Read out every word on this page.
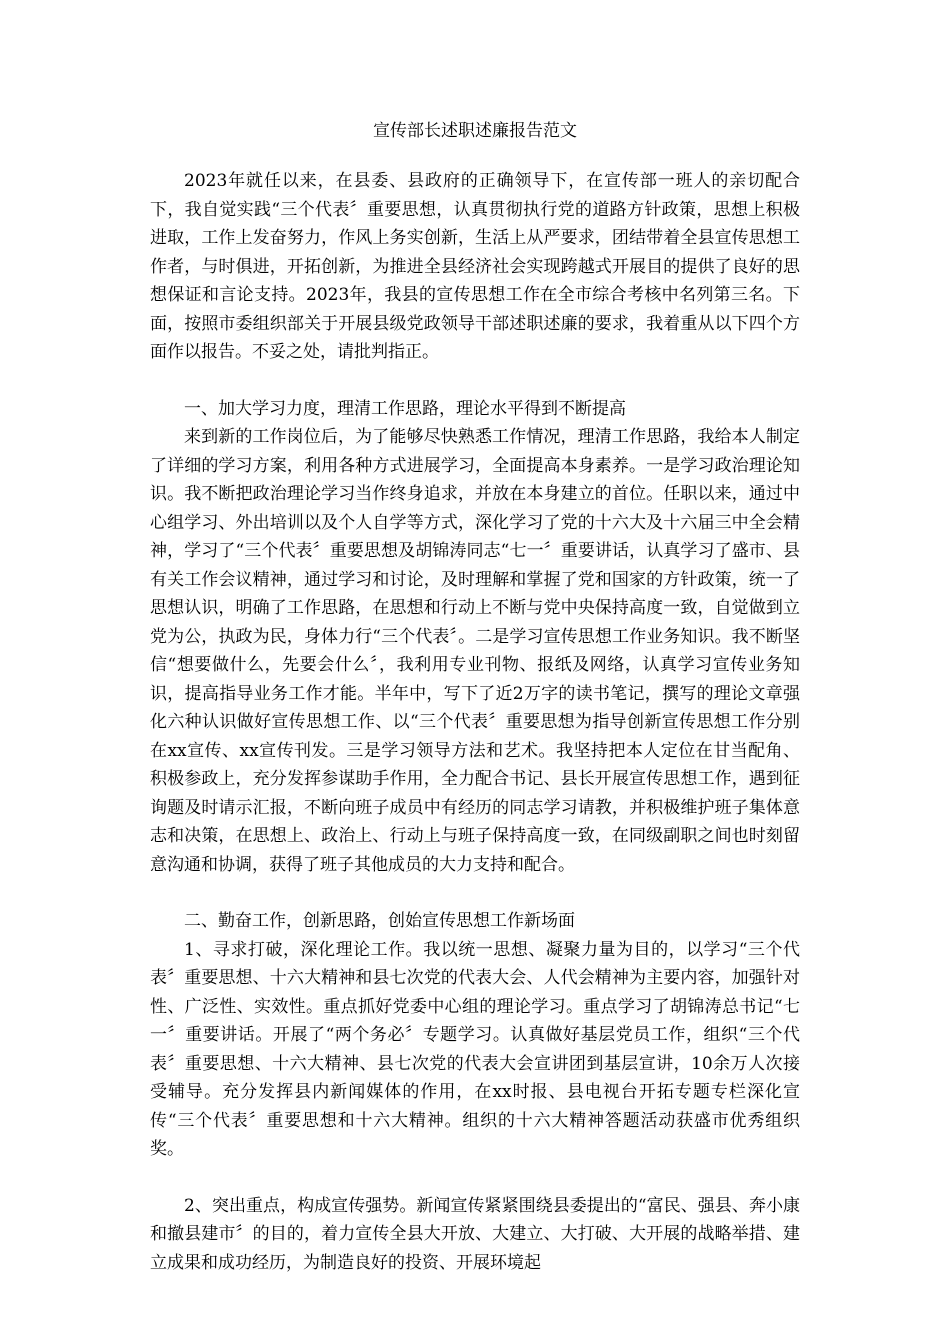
宣传部长述职述廉报告范文

2023年就任以来，在县委、县政府的正确领导下，在宣传部一班人的亲切配合下，我自觉实践“三个代表〞重要思想，认真贯彻执行党的道路方针政策，思想上积极进取，工作上发奋努力，作风上务实创新，生活上从严要求，团结带着全县宣传思想工作者，与时俱进，开拓创新，为推进全县经济社会实现跨越式开展目的提供了良好的思想保证和言论支持。2023年，我县的宣传思想工作在全市综合考核中名列第三名。下面，按照市委组织部关于开展县级党政领导干部述职述廉的要求，我着重从以下四个方面作以报告。不妥之处，请批判指正。

一、加大学习力度，理清工作思路，理论水平得到不断提高

来到新的工作岗位后，为了能够尽快熟悉工作情况，理清工作思路，我给本人制定了详细的学习方案，利用各种方式进展学习，全面提高本身素养。一是学习政治理论知识。我不断把政治理论学习当作终身追求，并放在本身建立的首位。任职以来，通过中心组学习、外出培训以及个人自学等方式，深化学习了党的十六大及十六届三中全会精神，学习了“三个代表〞重要思想及胡锦涛同志“七一〞重要讲话，认真学习了盛市、县有关工作会议精神，通过学习和讨论，及时理解和掌握了党和国家的方针政策，统一了思想认识，明确了工作思路，在思想和行动上不断与党中央保持高度一致，自觉做到立党为公，执政为民，身体力行“三个代表〞。二是学习宣传思想工作业务知识。我不断坚信“想要做什么，先要会什么〞，我利用专业刊物、报纸及网络，认真学习宣传业务知识，提高指导业务工作才能。半年中，写下了近2万字的读书笔记，撰写的理论文章强化六种认识做好宣传思想工作、以“三个代表〞重要思想为指导创新宣传思想工作分别在xx宣传、xx宣传刊发。三是学习领导方法和艺术。我坚持把本人定位在甘当配角、积极参政上，充分发挥参谋助手作用，全力配合书记、县长开展宣传思想工作，遇到征询题及时请示汇报，不断向班子成员中有经历的同志学习请教，并积极维护班子集体意志和决策，在思想上、政治上、行动上与班子保持高度一致，在同级副职之间也时刻留意沟通和协调，获得了班子其他成员的大力支持和配合。

二、勤奋工作，创新思路，创始宣传思想工作新场面

1、寻求打破，深化理论工作。我以统一思想、凝聚力量为目的，以学习“三个代表〞重要思想、十六大精神和县七次党的代表大会、人代会精神为主要内容，加强针对性、广泛性、实效性。重点抓好党委中心组的理论学习。重点学习了胡锦涛总书记“七一〞重要讲话。开展了“两个务必〞专题学习。认真做好基层党员工作，组织“三个代表〞重要思想、十六大精神、县七次党的代表大会宣讲团到基层宣讲，10余万人次接受辅导。充分发挥县内新闻媒体的作用，在xx时报、县电视台开拓专题专栏深化宣传“三个代表〞重要思想和十六大精神。组织的十六大精神答题活动获盛市优秀组织奖。

2、突出重点，构成宣传强势。新闻宣传紧紧围绕县委提出的“富民、强县、奔小康和撤县建市〞的目的，着力宣传全县大开放、大建立、大打破、大开展的战略举措、建立成果和成功经历，为制造良好的投资、开展环境起
